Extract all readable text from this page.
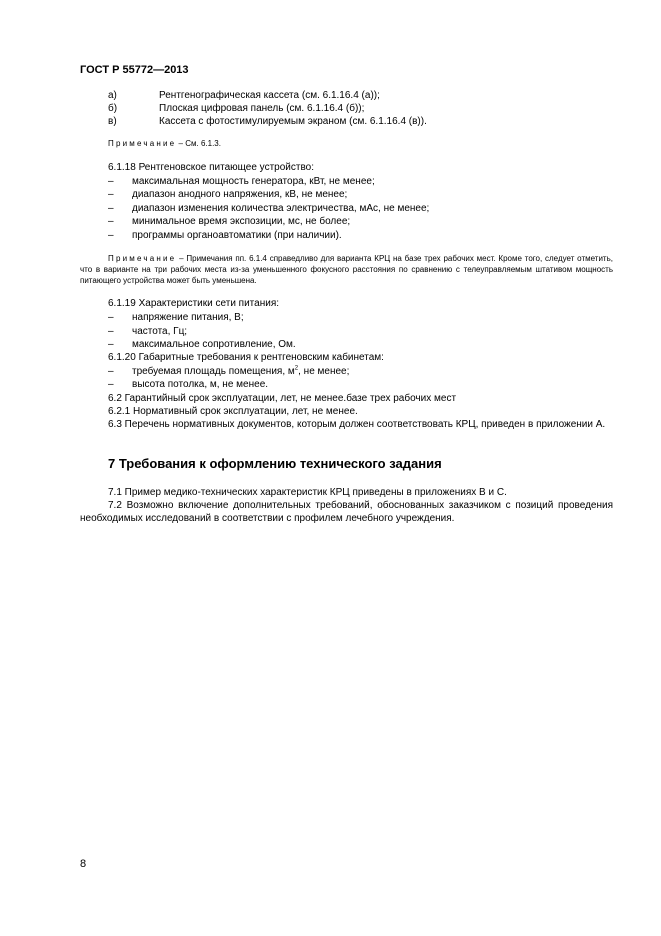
ГОСТ Р 55772—2013
а)	Рентгенографическая кассета (см. 6.1.16.4 (а));
б)	Плоская цифровая панель (см. 6.1.16.4 (б));
в)	Кассета с фотостимулируемым экраном (см. 6.1.16.4 (в)).
Примечание – См. 6.1.3.
6.1.18 Рентгеновское питающее устройство:
– максимальная мощность генератора, кВт, не менее;
– диапазон анодного напряжения, кВ, не менее;
– диапазон изменения количества электричества, мАс, не менее;
– минимальное время экспозиции, мс, не более;
– программы органоавтоматики (при наличии).
Примечание – Примечания пп. 6.1.4 справедливо для варианта КРЦ на базе трех рабочих мест. Кроме того, следует отметить, что в варианте на три рабочих места из-за уменьшенного фокусного расстояния по сравнению с телеуправляемым штативом мощность питающего устройства может быть уменьшена.
6.1.19 Характеристики сети питания:
– напряжение питания, В;
– частота, Гц;
– максимальное сопротивление, Ом.
6.1.20 Габаритные требования к рентгеновским кабинетам:
– требуемая площадь помещения, $м^2$, не менее;
– высота потолка, м, не менее.
6.2 Гарантийный срок эксплуатации, лет, не менее.базе трех рабочих мест
6.2.1 Нормативный срок эксплуатации, лет, не менее.
6.3 Перечень нормативных документов, которым должен соответствовать КРЦ, приведен в приложении А.
7 Требования к оформлению технического задания
7.1 Пример медико-технических характеристик КРЦ приведены в приложениях В и С.
7.2 Возможно включение дополнительных требований, обоснованных заказчиком с позиций проведения необходимых исследований в соответствии с профилем лечебного учреждения.
8
